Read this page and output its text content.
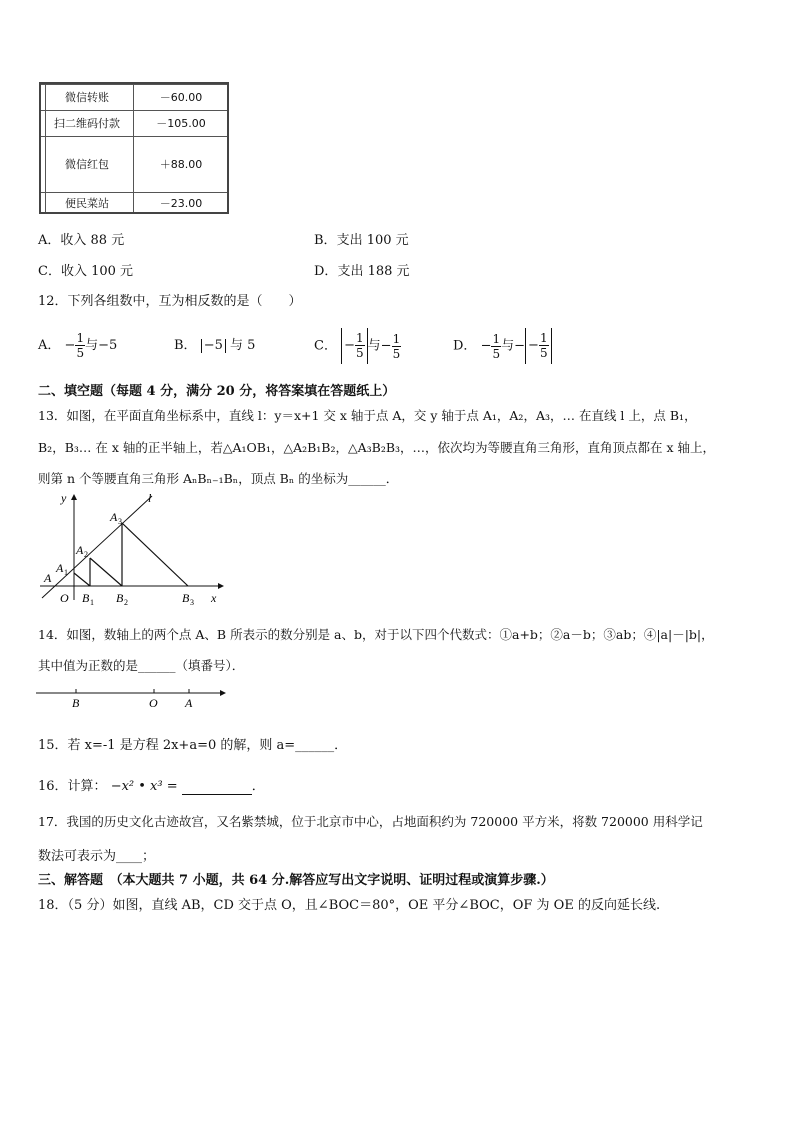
微信转账	－60.00
扫二维码付款	－105.00
微信红包	＋88.00
便民菜站	－23.00
A．收入 88 元	B．支出 100 元
C．收入 100 元	D．支出 188 元
12．下列各组数中，互为相反数的是（　　）
A． − $\frac{1}{5}$ 与−5	B． −5 与 5	C． − $\frac{1}{5}$ 与− $\frac{1}{5}$	D． − $\frac{1}{5}$ 与− − $\frac{1}{5}$
二、填空题（每题 4 分，满分 20 分，将答案填在答题纸上）
13．如图，在平面直角坐标系中，直线 l：y＝x+1 交 x 轴于点 A，交 y 轴于点 A₁，A₂，A₃，… 在直线 l 上，点 B₁，
B₂，B₃… 在 x 轴的正半轴上，若△A₁OB₁，△A₂B₁B₂，△A₃B₂B₃，…，依次均为等腰直角三角形，直角顶点都在 x 轴上，
则第 n 个等腰直角三角形 AₙBₙ₋₁Bₙ，顶点 Bₙ 的坐标为______．
y	l
A
A 1
A 2
A 3
O B 1 B 2	B 3 x
14．如图，数轴上的两个点 A、B 所表示的数分别是 a、b，对于以下四个代数式：①a+b；②a－b；③ab；④|a|－|b|，
其中值为正数的是______（填番号）．
B	O A
15．若 x=-1 是方程 2x+a=0 的解，则 a=______．
16．计算： −x² • x³ =	．
17．我国的历史文化古迹故宫，又名紫禁城，位于北京市中心，占地面积约为 720000 平方米，将数 720000 用科学记
数法可表示为____；
三、解答题　（本大题共 7 小题，共 64 分.解答应写出文字说明、证明过程或演算步骤.）
18．（5 分）如图，直线 AB，CD 交于点 O，且∠BOC＝80°，OE 平分∠BOC，OF 为 OE 的反向延长线.
